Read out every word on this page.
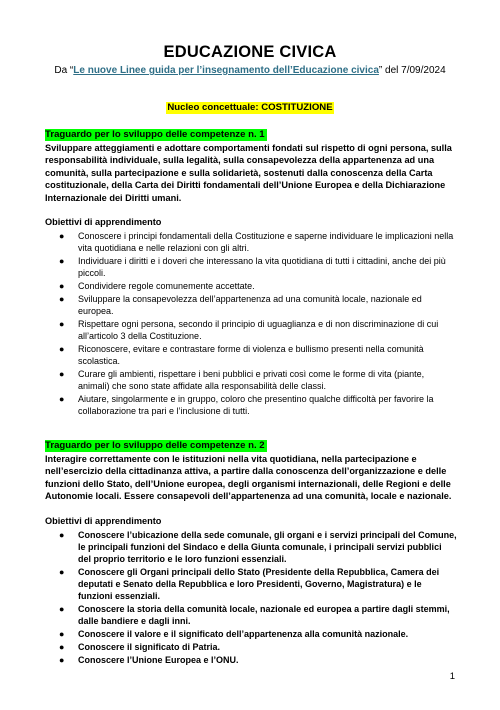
EDUCAZIONE CIVICA
Da “Le nuove Linee guida per l’insegnamento dell’Educazione civica” del 7/09/2024
Nucleo concettuale: COSTITUZIONE
Traguardo per lo sviluppo delle competenze n. 1

Sviluppare atteggiamenti e adottare comportamenti fondati sul rispetto di ogni persona, sulla responsabilità individuale, sulla legalità, sulla consapevolezza della appartenenza ad una comunità, sulla partecipazione e sulla solidarietà, sostenuti dalla conoscenza della Carta costituzionale, della Carta dei Diritti fondamentali dell’Unione Europea e della Dichiarazione Internazionale dei Diritti umani.

Obiettivi di apprendimento

● Conoscere i principi fondamentali della Costituzione e saperne individuare le implicazioni nella vita quotidiana e nelle relazioni con gli altri.
● Individuare i diritti e i doveri che interessano la vita quotidiana di tutti i cittadini, anche dei più piccoli.
● Condividere regole comunemente accettate.
● Sviluppare la consapevolezza dell’appartenenza ad una comunità locale, nazionale ed europea.
● Rispettare ogni persona, secondo il principio di uguaglianza e di non discriminazione di cui all’articolo 3 della Costituzione.
● Riconoscere, evitare e contrastare forme di violenza e bullismo presenti nella comunità scolastica.
● Curare gli ambienti, rispettare i beni pubblici e privati così come le forme di vita (piante, animali) che sono state affidate alla responsabilità delle classi.
● Aiutare, singolarmente e in gruppo, coloro che presentino qualche difficoltà per favorire la collaborazione tra pari e l’inclusione di tutti.
Traguardo per lo sviluppo delle competenze n. 2

Interagire correttamente con le istituzioni nella vita quotidiana, nella partecipazione e nell’esercizio della cittadinanza attiva, a partire dalla conoscenza dell’organizzazione e delle funzioni dello Stato, dell’Unione europea, degli organismi internazionali, delle Regioni e delle Autonomie locali. Essere consapevoli dell’appartenenza ad una comunità, locale e nazionale.

Obiettivi di apprendimento

● Conoscere l’ubicazione della sede comunale, gli organi e i servizi principali del Comune, le principali funzioni del Sindaco e della Giunta comunale, i principali servizi pubblici del proprio territorio e le loro funzioni essenziali.
● Conoscere gli Organi principali dello Stato (Presidente della Repubblica, Camera dei deputati e Senato della Repubblica e loro Presidenti, Governo, Magistratura) e le funzioni essenziali.
● Conoscere la storia della comunità locale, nazionale ed europea a partire dagli stemmi, dalle bandiere e dagli inni.
● Conoscere il valore e il significato dell’appartenenza alla comunità nazionale.
● Conoscere il significato di Patria.
● Conoscere l’Unione Europea e l’ONU.
1
